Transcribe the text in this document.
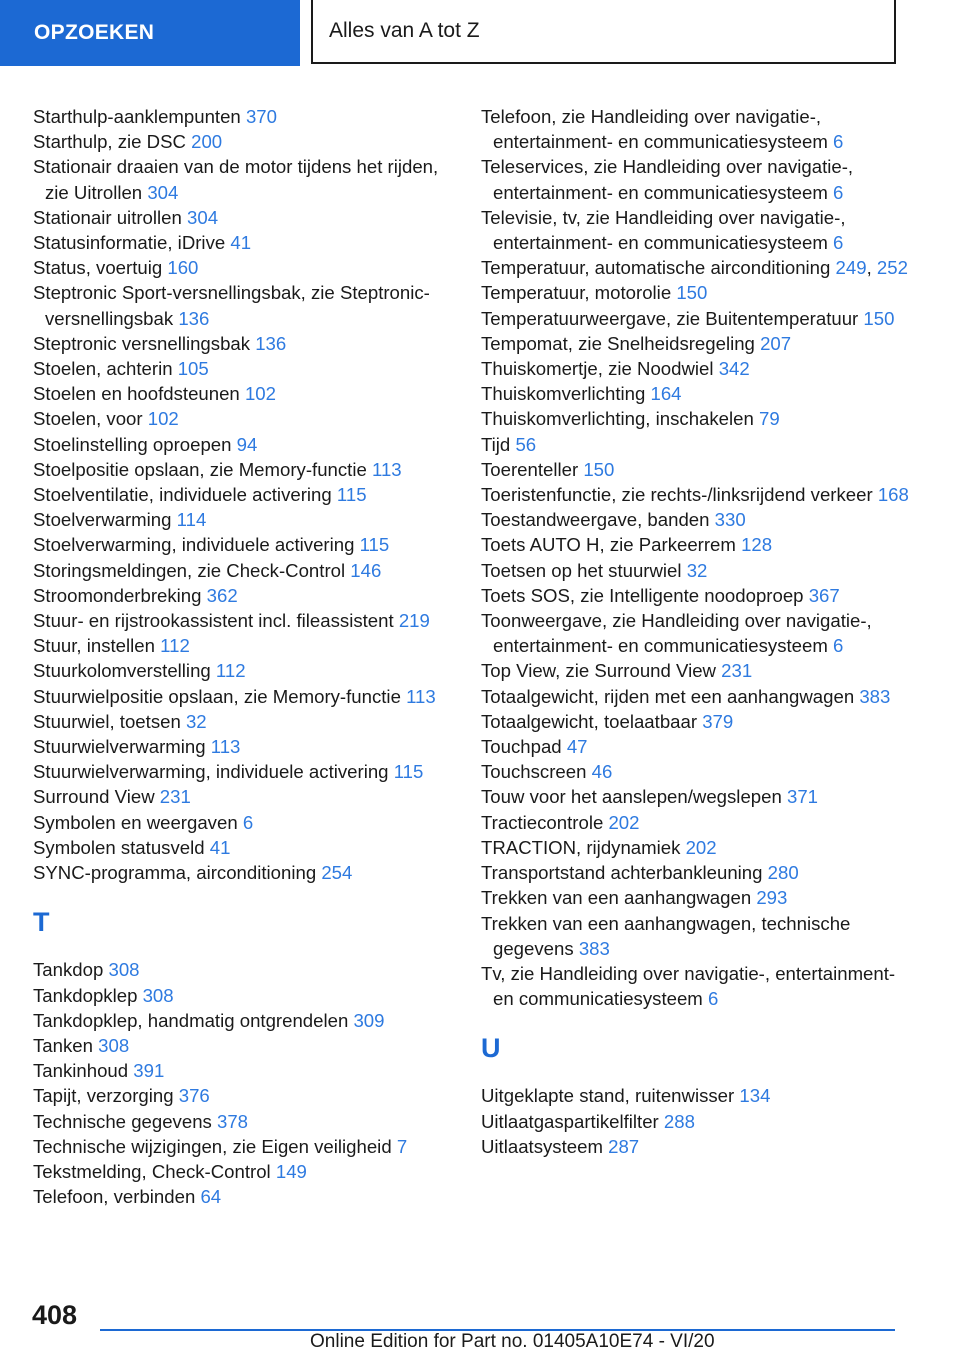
OPZOEKEN	Alles van A tot Z
Starthulp-aanklempunten 370
Starthulp, zie DSC 200
Stationair draaien van de motor tijdens het rijden, zie Uitrollen 304
Stationair uitrollen 304
Statusinformatie, iDrive 41
Status, voertuig 160
Steptronic Sport-versnellingsbak, zie Steptronic-versnellingsbak 136
Steptronic versnellingsbak 136
Stoelen, achterin 105
Stoelen en hoofdsteunen 102
Stoelen, voor 102
Stoelinstelling oproepen 94
Stoelpositie opslaan, zie Memory-functie 113
Stoelventilatie, individuele activering 115
Stoelverwarming 114
Stoelverwarming, individuele activering 115
Storingsmeldingen, zie Check-Control 146
Stroomonderbreking 362
Stuur- en rijstrookassistent incl. fileassistent 219
Stuur, instellen 112
Stuurkolomverstelling 112
Stuurwielpositie opslaan, zie Memory-functie 113
Stuurwiel, toetsen 32
Stuurwielverwarming 113
Stuurwielverwarming, individuele activering 115
Surround View 231
Symbolen en weergaven 6
Symbolen statusveld 41
SYNC-programma, airconditioning 254
T
Tankdop 308
Tankdopklep 308
Tankdopklep, handmatig ontgrendelen 309
Tanken 308
Tankinhoud 391
Tapijt, verzorging 376
Technische gegevens 378
Technische wijzigingen, zie Eigen veiligheid 7
Tekstmelding, Check-Control 149
Telefoon, verbinden 64
Telefoon, zie Handleiding over navigatie-, entertainment- en communicatiesysteem 6
Teleservices, zie Handleiding over navigatie-, entertainment- en communicatiesysteem 6
Televisie, tv, zie Handleiding over navigatie-, entertainment- en communicatiesysteem 6
Temperatuur, automatische airconditioning 249, 252
Temperatuur, motorolie 150
Temperatuurweergave, zie Buitentemperatuur 150
Tempomat, zie Snelheidsregeling 207
Thuiskomertje, zie Noodwiel 342
Thuiskomverlichting 164
Thuiskomverlichting, inschakelen 79
Tijd 56
Toerenteller 150
Toeristenfunctie, zie rechts-/linksrijdend verkeer 168
Toestandweergave, banden 330
Toets AUTO H, zie Parkeerrem 128
Toetsen op het stuurwiel 32
Toets SOS, zie Intelligente noodoproep 367
Toonweergave, zie Handleiding over navigatie-, entertainment- en communicatiesysteem 6
Top View, zie Surround View 231
Totaalgewicht, rijden met een aanhangwagen 383
Totaalgewicht, toelaatbaar 379
Touchpad 47
Touchscreen 46
Touw voor het aanslepen/wegslepen 371
Tractiecontrole 202
TRACTION, rijdynamiek 202
Transportstand achterbankleuning 280
Trekken van een aanhangwagen 293
Trekken van een aanhangwagen, technische gegevens 383
Tv, zie Handleiding over navigatie-, entertainment- en communicatiesysteem 6
U
Uitgeklapte stand, ruitenwisser 134
Uitlaatgaspartikelfilter 288
Uitlaatsysteem 287
408
Online Edition for Part no. 01405A10E74 - VI/20
